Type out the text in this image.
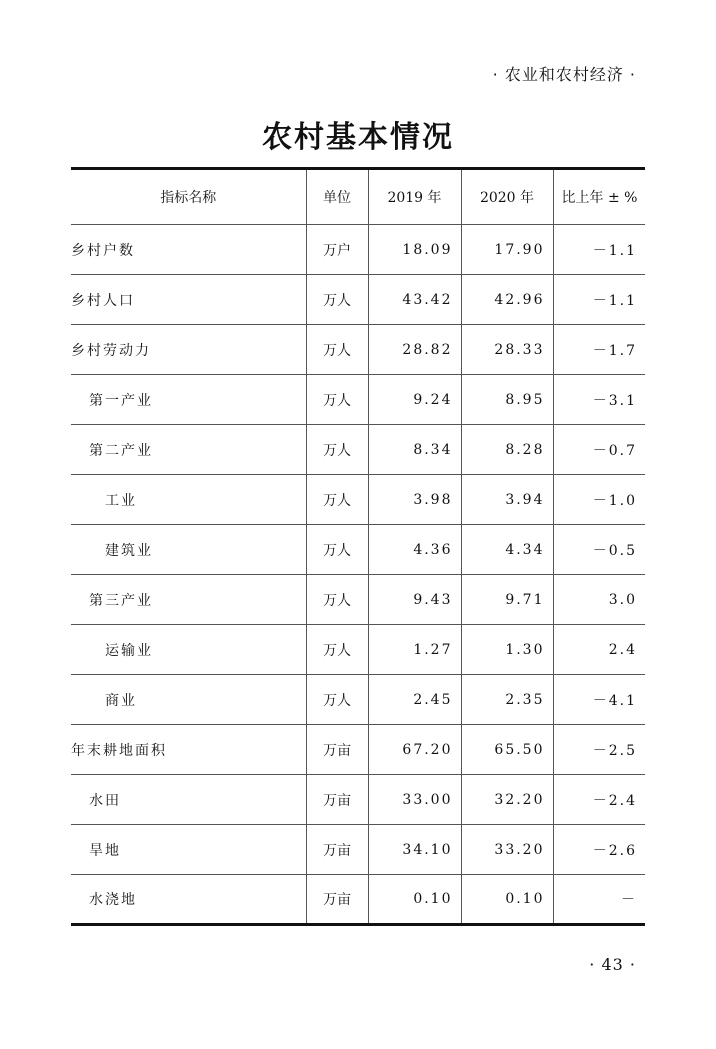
· 农业和农村经济 ·
农村基本情况
指标名称	单位	2019 年	2020 年	比上年 ± %
乡村户数	万户	18.09	17.90	－1.1
乡村人口	万人	43.42	42.96	－1.1
乡村劳动力	万人	28.82	28.33	－1.7
第一产业	万人	9.24	8.95	－3.1
第二产业	万人	8.34	8.28	－0.7
工业	万人	3.98	3.94	－1.0
建筑业	万人	4.36	4.34	－0.5
第三产业	万人	9.43	9.71	3.0
运输业	万人	1.27	1.30	2.4
商业	万人	2.45	2.35	－4.1
年末耕地面积	万亩	67.20	65.50	－2.5
水田	万亩	33.00	32.20	－2.4
旱地	万亩	34.10	33.20	－2.6
水浇地	万亩	0.10	0.10	－
· 43 ·
